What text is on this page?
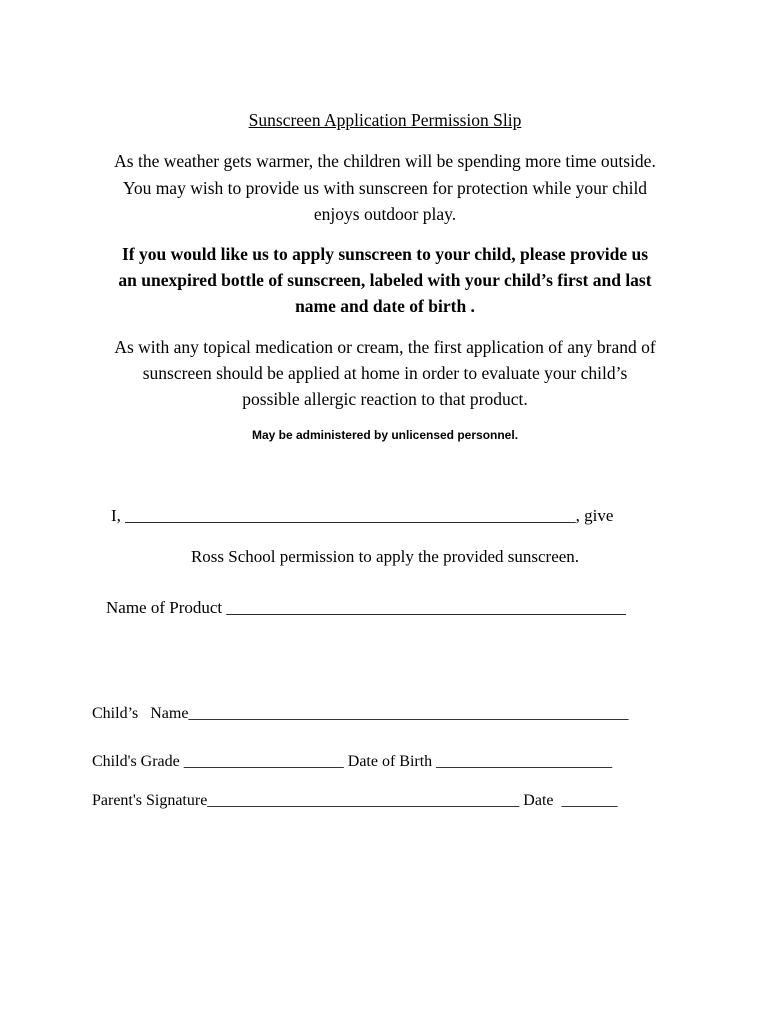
Sunscreen Application Permission Slip
As the weather gets warmer, the children will be spending more time outside.
You may wish to provide us with sunscreen for protection while your child
enjoys outdoor play.
If you would like us to apply sunscreen to your child, please provide us
an unexpired bottle of sunscreen, labeled with your child’s first and last
name and date of birth .
As with any topical medication or cream, the first application of any brand of
sunscreen should be applied at home in order to evaluate your child’s
possible allergic reaction to that product.
May be administered by unlicensed personnel.
I, _____________________________________________________, give
Ross School permission to apply the provided sunscreen.
Name of Product _______________________________________________
Child’s   Name_______________________________________________________
Child's Grade ____________________ Date of Birth ______________________
Parent's Signature_______________________________________ Date  _______
